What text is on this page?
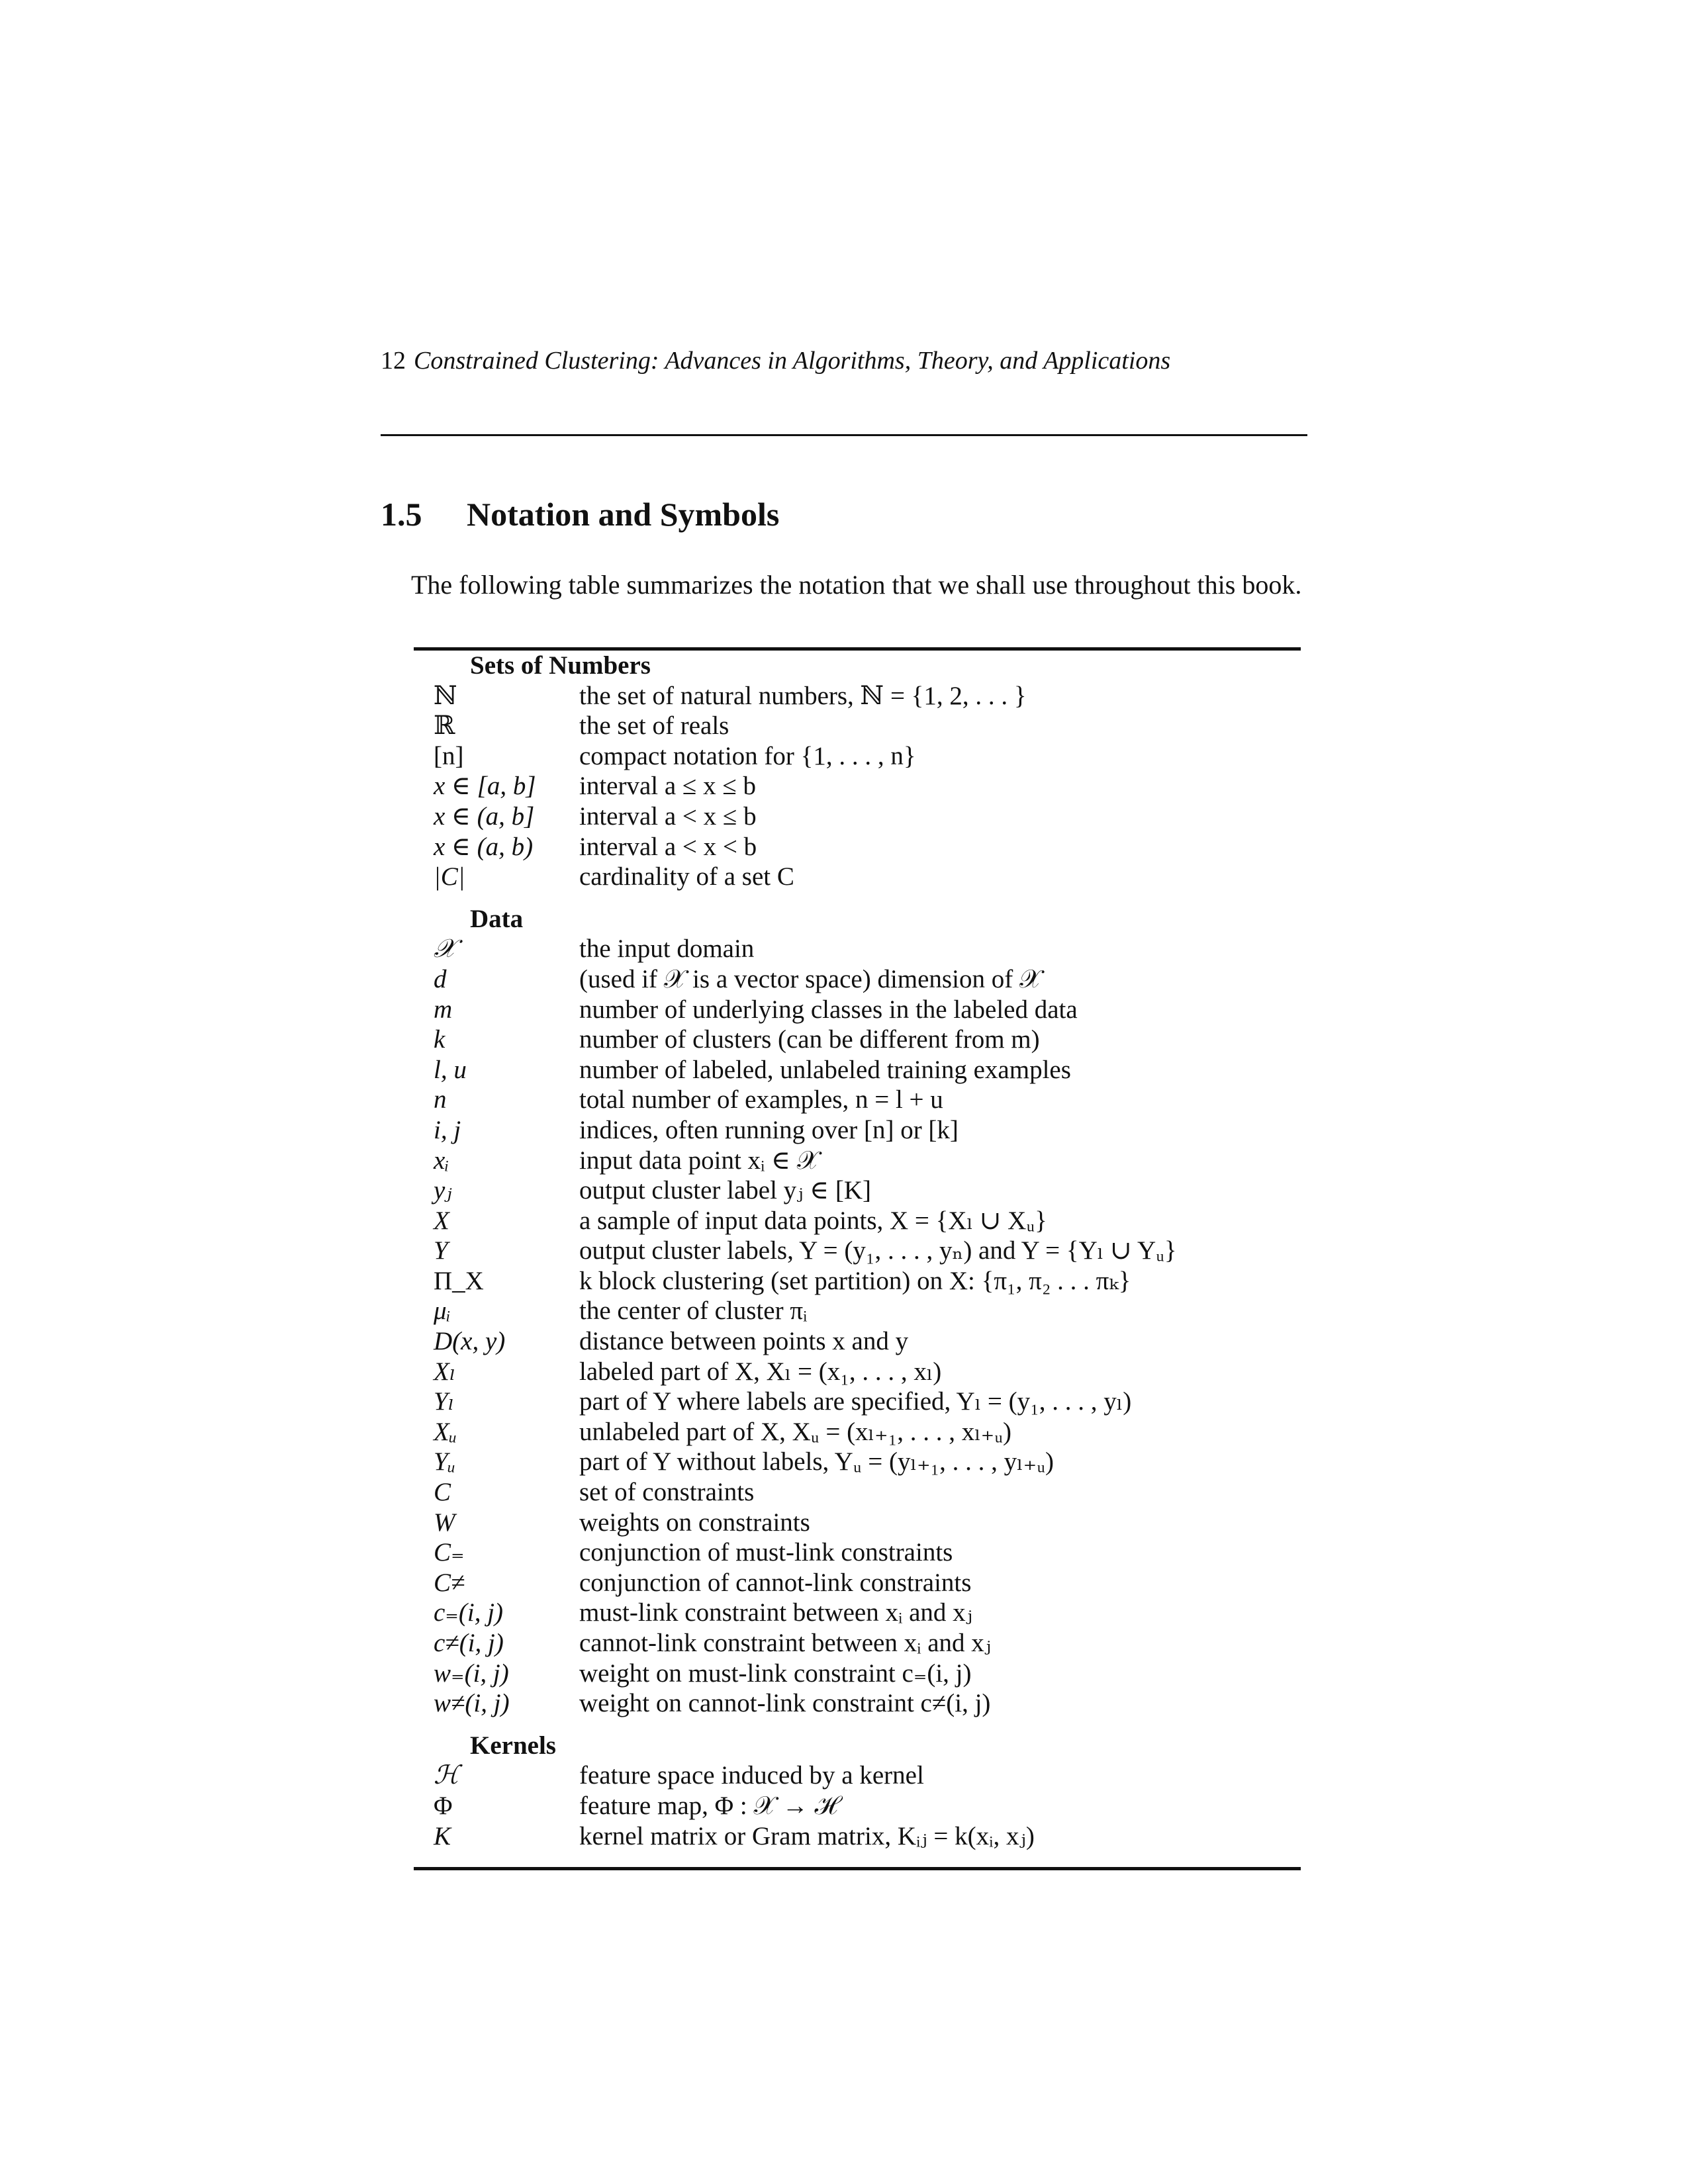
12 Constrained Clustering: Advances in Algorithms, Theory, and Applications
1.5 Notation and Symbols

The following table summarizes the notation that we shall use throughout this book.

Sets of Numbers	
ℕ	the set of natural numbers, ℕ = {1, 2, . . . }
ℝ	the set of reals
[n]	compact notation for {1, . . . , n}
x ∈ [a, b]	interval a ≤ x ≤ b
x ∈ (a, b]	interval a < x ≤ b
x ∈ (a, b)	interval a < x < b
|C|	cardinality of a set C
Data	
𝒳	the input domain
d	(used if 𝒳 is a vector space) dimension of 𝒳
m	number of underlying classes in the labeled data
k	number of clusters (can be different from m)
l, u	number of labeled, unlabeled training examples
n	total number of examples, n = l + u
i, j	indices, often running over [n] or [k]
xᵢ	input data point xᵢ ∈ 𝒳
yⱼ	output cluster label yⱼ ∈ [K]
X	a sample of input data points, X = {Xₗ ∪ Xᵤ}
Y	output cluster labels, Y = (y₁, . . . , yₙ) and Y = {Yₗ ∪ Yᵤ}
Π_X	k block clustering (set partition) on X: {π₁, π₂ . . . πₖ}
μᵢ	the center of cluster πᵢ
D(x, y)	distance between points x and y
Xₗ	labeled part of X, Xₗ = (x₁, . . . , xₗ)
Yₗ	part of Y where labels are specified, Yₗ = (y₁, . . . , yₗ)
Xᵤ	unlabeled part of X, Xᵤ = (xₗ₊₁, . . . , xₗ₊ᵤ)
Yᵤ	part of Y without labels, Yᵤ = (yₗ₊₁, . . . , yₗ₊ᵤ)
C	set of constraints
W	weights on constraints
C₌	conjunction of must-link constraints
C≠	conjunction of cannot-link constraints
c₌(i, j)	must-link constraint between xᵢ and xⱼ
c≠(i, j)	cannot-link constraint between xᵢ and xⱼ
w₌(i, j)	weight on must-link constraint c₌(i, j)
w≠(i, j)	weight on cannot-link constraint c≠(i, j)
Kernels	
ℋ	feature space induced by a kernel
Φ	feature map, Φ : 𝒳 → ℋ
K	kernel matrix or Gram matrix, Kᵢⱼ = k(xᵢ, xⱼ)
